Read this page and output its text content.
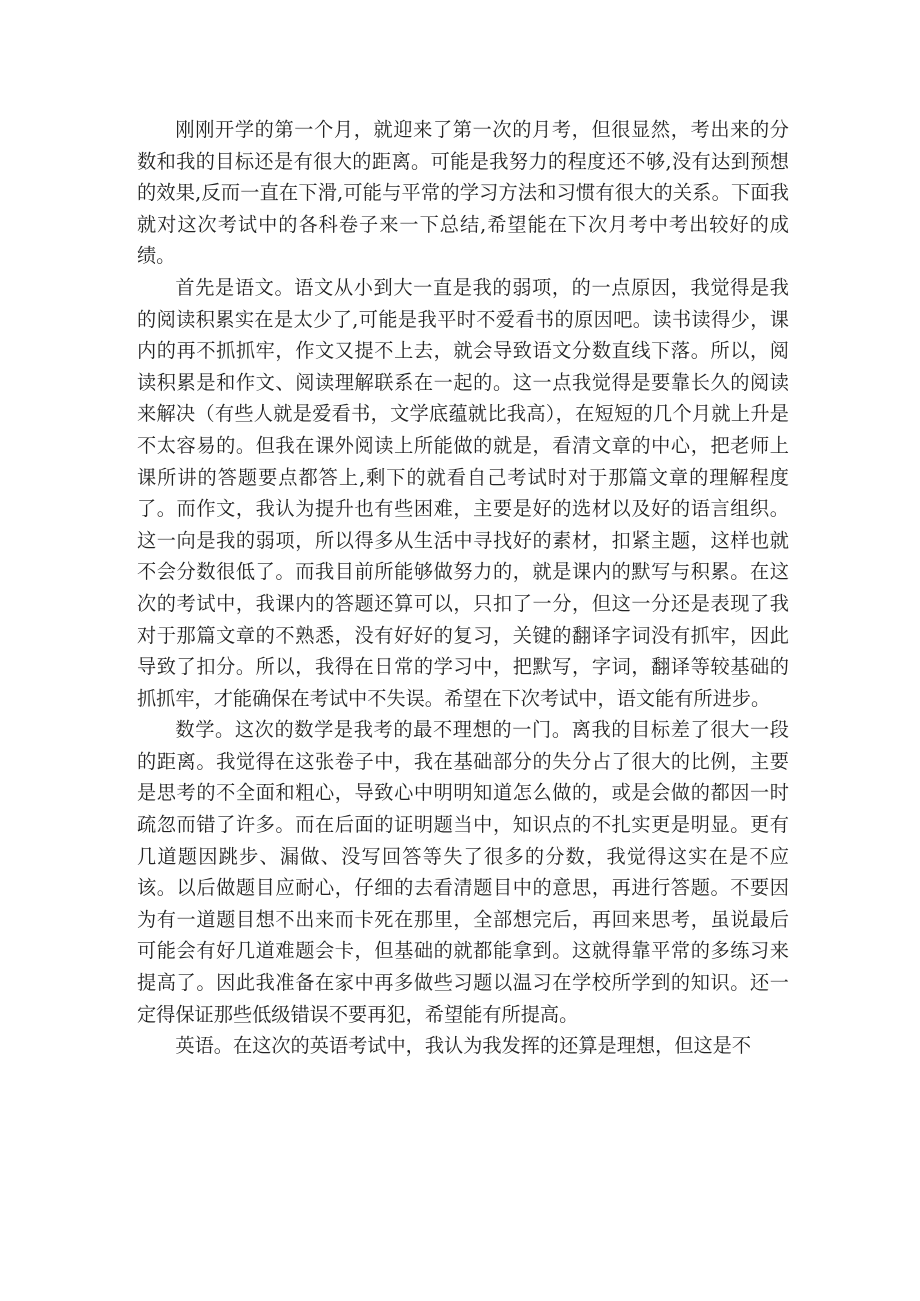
刚刚开学的第一个月，就迎来了第一次的月考，但很显然，考出来的分数和我的目标还是有很大的距离。可能是我努力的程度还不够,没有达到预想的效果,反而一直在下滑,可能与平常的学习方法和习惯有很大的关系。下面我就对这次考试中的各科卷子来一下总结,希望能在下次月考中考出较好的成绩。

首先是语文。语文从小到大一直是我的弱项，的一点原因，我觉得是我的阅读积累实在是太少了,可能是我平时不爱看书的原因吧。读书读得少，课内的再不抓抓牢，作文又提不上去，就会导致语文分数直线下落。所以，阅读积累是和作文、阅读理解联系在一起的。这一点我觉得是要靠长久的阅读来解决（有些人就是爱看书，文学底蕴就比我高），在短短的几个月就上升是不太容易的。但我在课外阅读上所能做的就是，看清文章的中心，把老师上课所讲的答题要点都答上,剩下的就看自己考试时对于那篇文章的理解程度了。而作文，我认为提升也有些困难，主要是好的选材以及好的语言组织。这一向是我的弱项，所以得多从生活中寻找好的素材，扣紧主题，这样也就不会分数很低了。而我目前所能够做努力的，就是课内的默写与积累。在这次的考试中，我课内的答题还算可以，只扣了一分，但这一分还是表现了我对于那篇文章的不熟悉，没有好好的复习，关键的翻译字词没有抓牢，因此导致了扣分。所以，我得在日常的学习中，把默写，字词，翻译等较基础的抓抓牢，才能确保在考试中不失误。希望在下次考试中，语文能有所进步。

数学。这次的数学是我考的最不理想的一门。离我的目标差了很大一段的距离。我觉得在这张卷子中，我在基础部分的失分占了很大的比例，主要是思考的不全面和粗心，导致心中明明知道怎么做的，或是会做的都因一时疏忽而错了许多。而在后面的证明题当中，知识点的不扎实更是明显。更有几道题因跳步、漏做、没写回答等失了很多的分数，我觉得这实在是不应该。以后做题目应耐心，仔细的去看清题目中的意思，再进行答题。不要因为有一道题目想不出来而卡死在那里，全部想完后，再回来思考，虽说最后可能会有好几道难题会卡，但基础的就都能拿到。这就得靠平常的多练习来提高了。因此我准备在家中再多做些习题以温习在学校所学到的知识。还一定得保证那些低级错误不要再犯，希望能有所提高。

英语。在这次的英语考试中，我认为我发挥的还算是理想，但这是不
